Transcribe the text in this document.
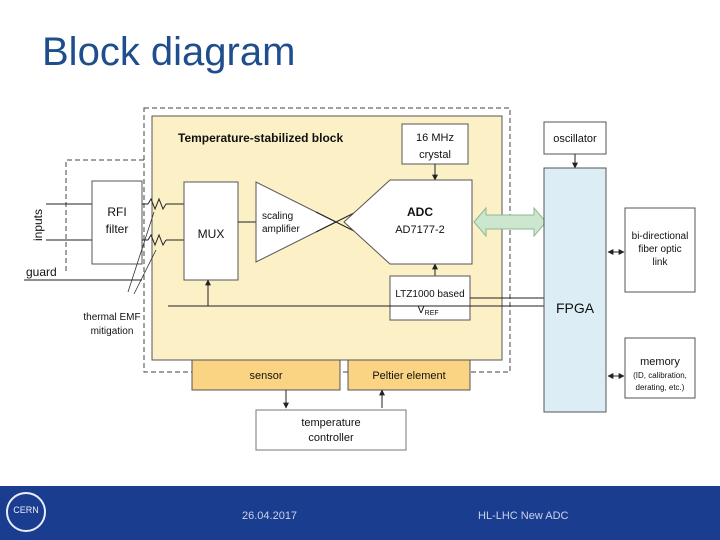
Block diagram
Temperature-stabilized block	16 MHz
crystal
oscillator
inputs
guard
RFI
filter
thermal EMF
mitigation
MUX
scaling
amplifier
ADC
AD7177-2
LTZ1000 based
VREF	FPGA
bi-directional
fiber optic
link
memory
(ID, calibration,
derating, etc.)
sensor	Peltier element
temperature
controller
CERN	26.04.2017	HL-LHC New ADC
